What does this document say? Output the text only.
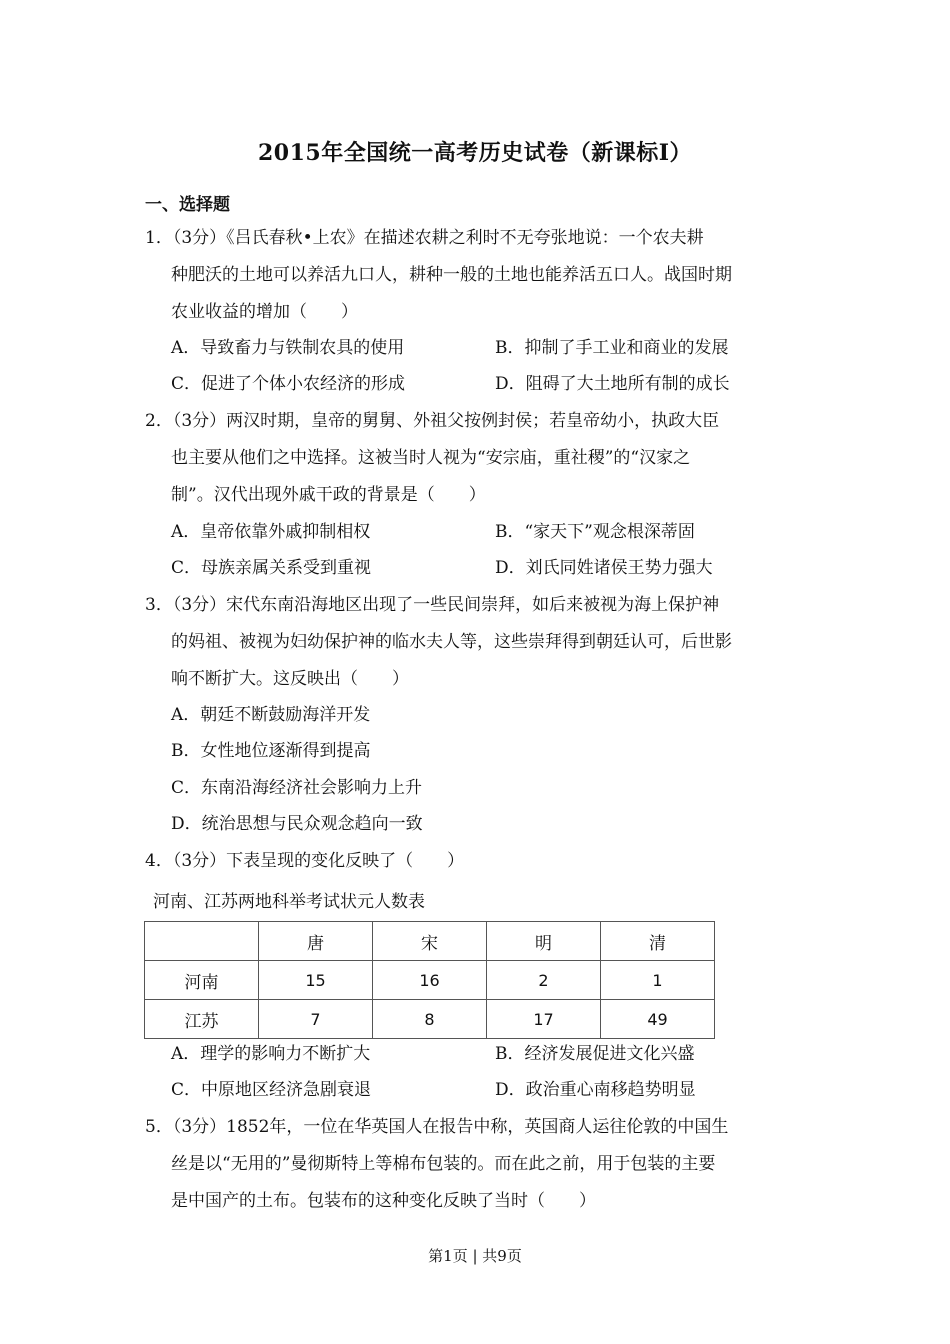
2015年全国统一高考历史试卷（新课标Ⅰ）
一、选择题
1．（3分）《吕氏春秋•上农》在描述农耕之利时不无夸张地说：一个农夫耕
种肥沃的土地可以养活九口人，耕种一般的土地也能养活五口人。战国时期
农业收益的增加（　　）
A．导致畜力与铁制农具的使用	B．抑制了手工业和商业的发展
C．促进了个体小农经济的形成	D．阻碍了大土地所有制的成长
2．（3分）两汉时期，皇帝的舅舅、外祖父按例封侯；若皇帝幼小，执政大臣
也主要从他们之中选择。这被当时人视为“安宗庙，重社稷”的“汉家之
制”。汉代出现外戚干政的背景是（　　）
A．皇帝依靠外戚抑制相权	B．“家天下”观念根深蒂固
C．母族亲属关系受到重视	D．刘氏同姓诸侯王势力强大
3．（3分）宋代东南沿海地区出现了一些民间崇拜，如后来被视为海上保护神
的妈祖、被视为妇幼保护神的临水夫人等，这些崇拜得到朝廷认可，后世影
响不断扩大。这反映出（　　）
A．朝廷不断鼓励海洋开发
B．女性地位逐渐得到提高
C．东南沿海经济社会影响力上升
D．统治思想与民众观念趋向一致
4．（3分）下表呈现的变化反映了（　　）
河南、江苏两地科举考试状元人数表
	唐	宋	明	清
河南	15	16	2	1
江苏	7	8	17	49
A．理学的影响力不断扩大	B．经济发展促进文化兴盛
C．中原地区经济急剧衰退	D．政治重心南移趋势明显
5．（3分）1852年，一位在华英国人在报告中称，英国商人运往伦敦的中国生
丝是以“无用的”曼彻斯特上等棉布包装的。而在此之前，用于包装的主要
是中国产的土布。包装布的这种变化反映了当时（　　）
第1页 | 共9页
